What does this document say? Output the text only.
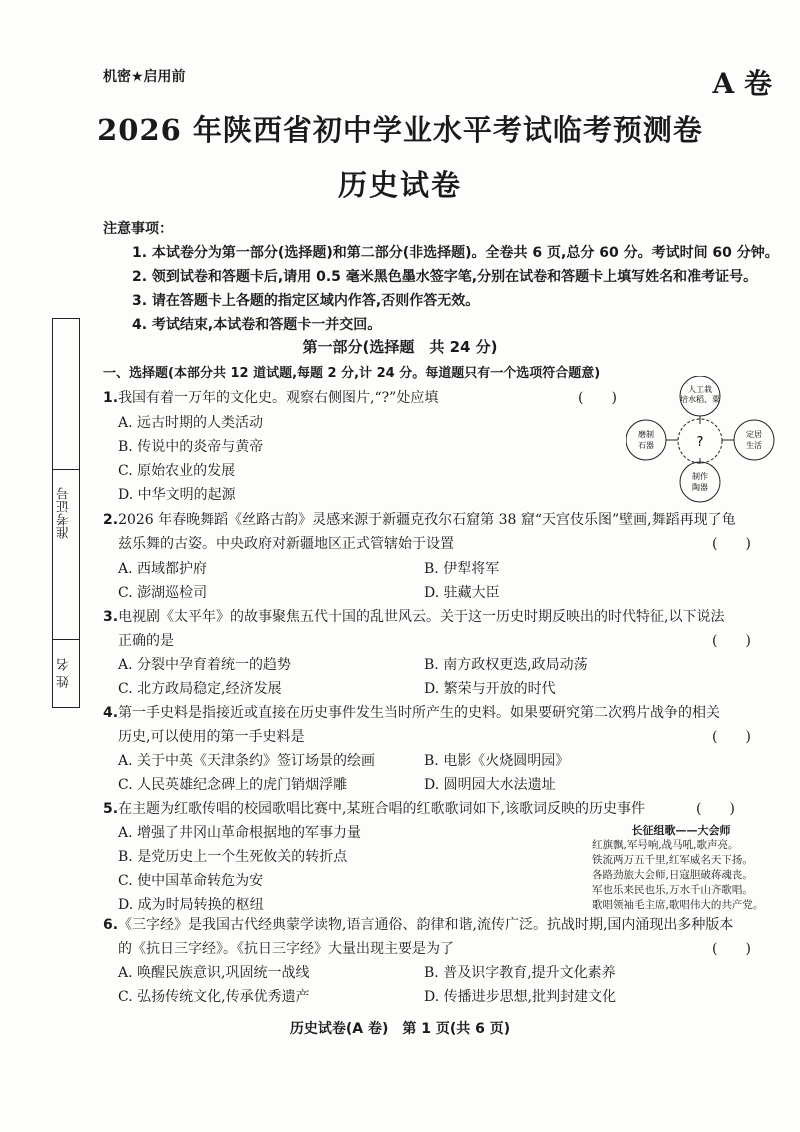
机密★启用前	A 卷
2026 年陕西省初中学业水平考试临考预测卷
历史试卷
注意事项：
1. 本试卷分为第一部分(选择题)和第二部分(非选择题)。全卷共 6 页,总分 60 分。考试时间 60 分钟。
2. 领到试卷和答题卡后,请用 0.5 毫米黑色墨水签字笔,分别在试卷和答题卡上填写姓名和准考证号。
3. 请在答题卡上各题的指定区域内作答,否则作答无效。
4. 考试结束,本试卷和答题卡一并交回。
准考证号
姓 名
第一部分(选择题　共 24 分)
一、选择题(本部分共 12 道试题,每题 2 分,计 24 分。每道题只有一个选项符合题意)
1.我国有着一万年的文化史。观察右侧图片,“?”处应填	(　　)
A. 远古时期的人类活动
B. 传说中的炎帝与黄帝
C. 原始农业的发展
D. 中华文明的起源
?
人工栽
培水稻、粟
定居
生活
制作
陶器
磨制
石器
2.2026 年春晚舞蹈《丝路古韵》灵感来源于新疆克孜尔石窟第 38 窟“天宫伎乐图”壁画,舞蹈再现了龟
兹乐舞的古姿。中央政府对新疆地区正式管辖始于设置	(　　)
A. 西域都护府	B. 伊犁将军
C. 澎湖巡检司	D. 驻藏大臣
3.电视剧《太平年》的故事聚焦五代十国的乱世风云。关于这一历史时期反映出的时代特征,以下说法
正确的是	(　　)
A. 分裂中孕育着统一的趋势	B. 南方政权更迭,政局动荡
C. 北方政局稳定,经济发展	D. 繁荣与开放的时代
4.第一手史料是指接近或直接在历史事件发生当时所产生的史料。如果要研究第二次鸦片战争的相关
历史,可以使用的第一手史料是	(　　)
A. 关于中英《天津条约》签订场景的绘画	B. 电影《火烧圆明园》
C. 人民英雄纪念碑上的虎门销烟浮雕	D. 圆明园大水法遗址
5.在主题为红歌传唱的校园歌唱比赛中,某班合唱的红歌歌词如下,该歌词反映的历史事件	(　　)
A. 增强了井冈山革命根据地的军事力量
B. 是党历史上一个生死攸关的转折点
C. 使中国革命转危为安
D. 成为时局转换的枢纽
长征组歌——大会师
红旗飘,军号响,战马吼,歌声亮。
铁流两万五千里,红军威名天下扬。
各路劲旅大会师,日寇胆破蒋魂丧。
军也乐来民也乐,万水千山齐歌唱。
歌唱领袖毛主席,歌唱伟大的共产党。
6.《三字经》是我国古代经典蒙学读物,语言通俗、韵律和谐,流传广泛。抗战时期,国内涌现出多种版本
的《抗日三字经》。《抗日三字经》大量出现主要是为了	(　　)
A. 唤醒民族意识,巩固统一战线	B. 普及识字教育,提升文化素养
C. 弘扬传统文化,传承优秀遗产	D. 传播进步思想,批判封建文化
历史试卷(A 卷)　第 1 页(共 6 页)
